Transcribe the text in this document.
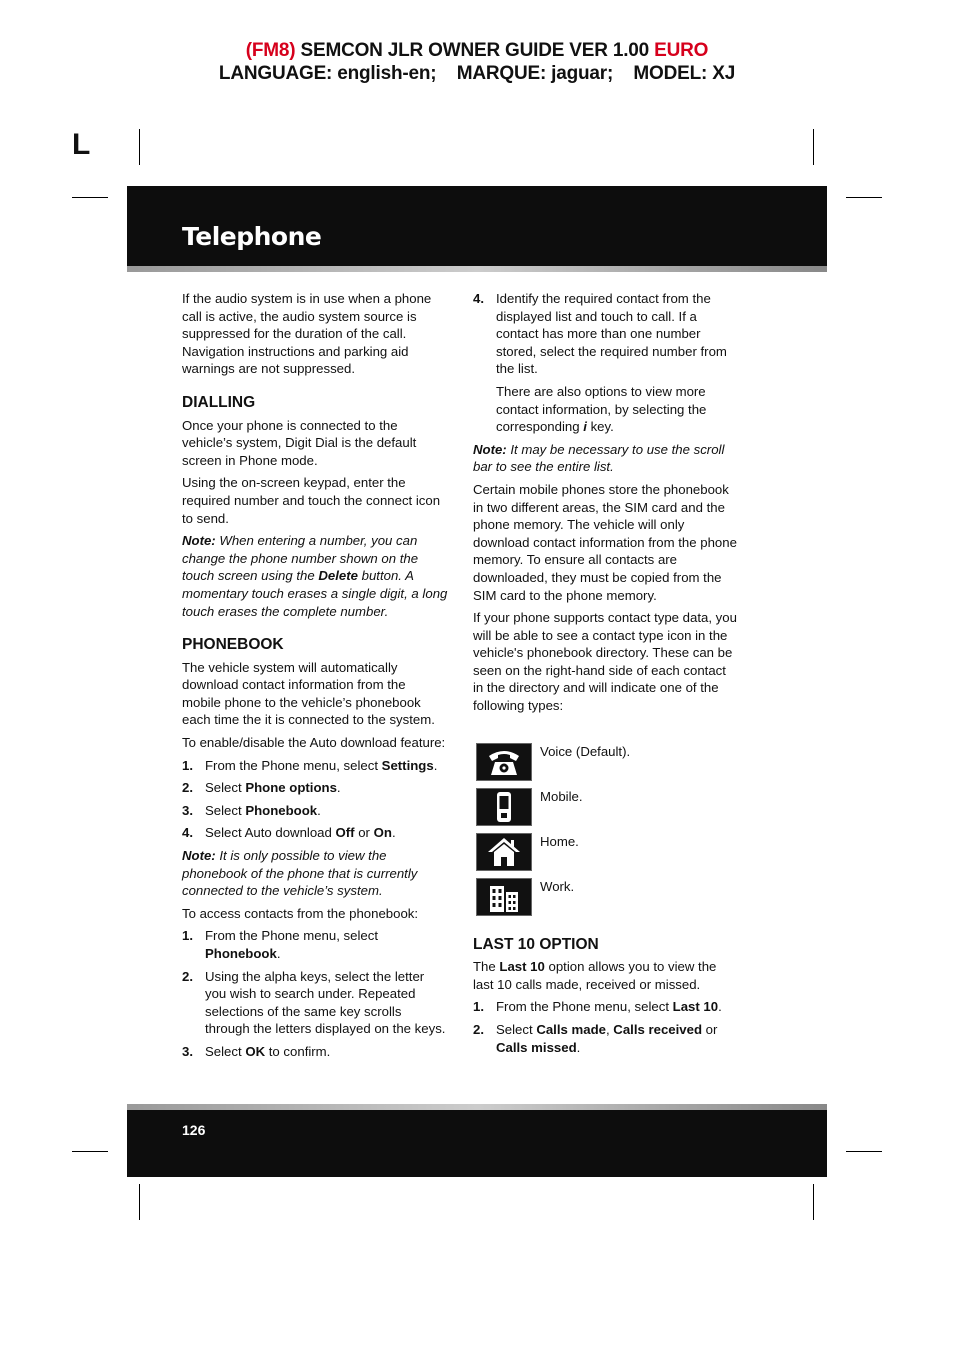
(FM8) SEMCON JLR OWNER GUIDE VER 1.00 EURO
LANGUAGE: english-en;    MARQUE: jaguar;    MODEL: XJ
L
Telephone

If the audio system is in use when a phone call is active, the audio system source is suppressed for the duration of the call. Navigation instructions and parking aid warnings are not suppressed.

DIALLING

Once your phone is connected to the vehicle’s system, Digit Dial is the default screen in Phone mode.

Using the on-screen keypad, enter the required number and touch the connect icon to send.

Note: When entering a number, you can change the phone number shown on the touch screen using the Delete button. A momentary touch erases a single digit, a long touch erases the complete number.

PHONEBOOK

The vehicle system will automatically download contact information from the mobile phone to the vehicle’s phonebook each time the it is connected to the system.

To enable/disable the Auto download feature:

1. From the Phone menu, select Settings.
2. Select Phone options.
3. Select Phonebook.
4. Select Auto download Off or On.

Note: It is only possible to view the phonebook of the phone that is currently connected to the vehicle’s system.

To access contacts from the phonebook:

1. From the Phone menu, select Phonebook.
2. Using the alpha keys, select the letter you wish to search under. Repeated selections of the same key scrolls through the letters displayed on the keys.
3. Select OK to confirm.
4. Identify the required contact from the displayed list and touch to call. If a contact has more than one number stored, select the required number from the list.

There are also options to view more contact information, by selecting the corresponding i key.

Note: It may be necessary to use the scroll bar to see the entire list.

Certain mobile phones store the phonebook in two different areas, the SIM card and the phone memory. The vehicle will only download contact information from the phone memory. To ensure all contacts are downloaded, they must be copied from the SIM card to the phone memory.

If your phone supports contact type data, you will be able to see a contact type icon in the vehicle's phonebook directory. These can be seen on the right-hand side of each contact in the directory and will indicate one of the following types:

Voice (Default).
Mobile.
Home.
Work.
LAST 10 OPTION

The Last 10 option allows you to view the last 10 calls made, received or missed.

1. From the Phone menu, select Last 10.
2. Select Calls made, Calls received or Calls missed.
126
